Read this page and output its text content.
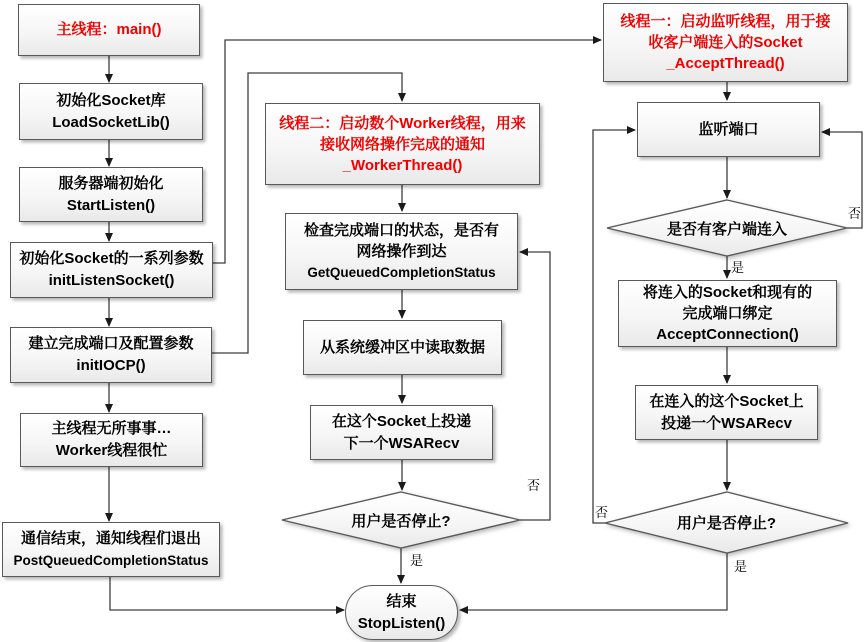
主线程：main()
初始化Socket库
LoadSocketLib()
服务器端初始化
StartListen()
初始化Socket的一系列参数
initListenSocket()
建立完成端口及配置参数
initIOCP()
主线程无所事事…
Worker线程很忙
通信结束，通知线程们退出
PostQueuedCompletionStatus
线程二：启动数个Worker线程，用来
接收网络操作完成的通知
_WorkerThread()
检查完成端口的状态，是否有
网络操作到达
GetQueuedCompletionStatus
从系统缓冲区中读取数据
在这个Socket上投递
下一个WSARecv
用户是否停止?
结束
StopListen()
线程一：启动监听线程，用于接
收客户端连入的Socket
_AcceptThread()
监听端口
是否有客户端连入
将连入的Socket和现有的
完成端口绑定
AcceptConnection()
在连入的这个Socket上
投递一个WSARecv
用户是否停止?
否
是
否
是
否
是
